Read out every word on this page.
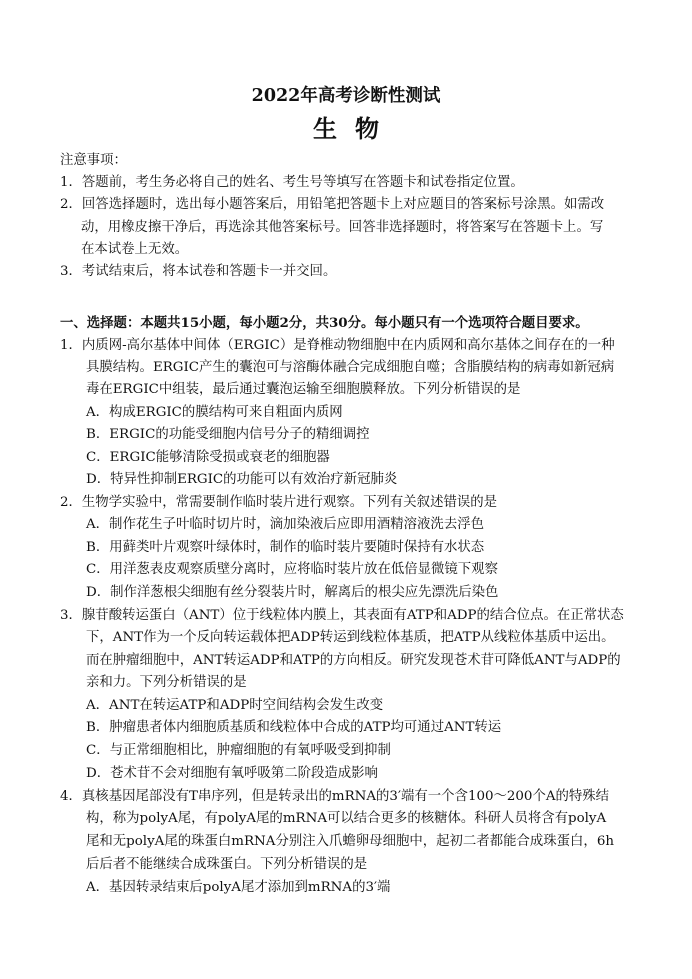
2022年高考诊断性测试
生物
注意事项：
1．答题前，考生务必将自己的姓名、考生号等填写在答题卡和试卷指定位置。
2．回答选择题时，选出每小题答案后，用铅笔把答题卡上对应题目的答案标号涂黑。如需改
动，用橡皮擦干净后，再选涂其他答案标号。回答非选择题时，将答案写在答题卡上。写
在本试卷上无效。
3．考试结束后，将本试卷和答题卡一并交回。
一、选择题：本题共15小题，每小题2分，共30分。每小题只有一个选项符合题目要求。
1．内质网-高尔基体中间体（ERGIC）是脊椎动物细胞中在内质网和高尔基体之间存在的一种
具膜结构。ERGIC产生的囊泡可与溶酶体融合完成细胞自噬；含脂膜结构的病毒如新冠病
毒在ERGIC中组装，最后通过囊泡运输至细胞膜释放。下列分析错误的是
A．构成ERGIC的膜结构可来自粗面内质网
B．ERGIC的功能受细胞内信号分子的精细调控
C．ERGIC能够清除受损或衰老的细胞器
D．特异性抑制ERGIC的功能可以有效治疗新冠肺炎
2．生物学实验中，常需要制作临时装片进行观察。下列有关叙述错误的是
A．制作花生子叶临时切片时，滴加染液后应即用酒精溶液洗去浮色
B．用藓类叶片观察叶绿体时，制作的临时装片要随时保持有水状态
C．用洋葱表皮观察质壁分离时，应将临时装片放在低倍显微镜下观察
D．制作洋葱根尖细胞有丝分裂装片时，解离后的根尖应先漂洗后染色
3．腺苷酸转运蛋白（ANT）位于线粒体内膜上，其表面有ATP和ADP的结合位点。在正常状态
下，ANT作为一个反向转运载体把ADP转运到线粒体基质，把ATP从线粒体基质中运出。
而在肿瘤细胞中，ANT转运ADP和ATP的方向相反。研究发现苍术苷可降低ANT与ADP的
亲和力。下列分析错误的是
A．ANT在转运ATP和ADP时空间结构会发生改变
B．肿瘤患者体内细胞质基质和线粒体中合成的ATP均可通过ANT转运
C．与正常细胞相比，肿瘤细胞的有氧呼吸受到抑制
D．苍术苷不会对细胞有氧呼吸第二阶段造成影响
4．真核基因尾部没有T串序列，但是转录出的mRNA的3′端有一个含100～200个A的特殊结
构，称为polyA尾，有polyA尾的mRNA可以结合更多的核糖体。科研人员将含有polyA
尾和无polyA尾的珠蛋白mRNA分别注入爪蟾卵母细胞中，起初二者都能合成珠蛋白，6h
后后者不能继续合成珠蛋白。下列分析错误的是
A．基因转录结束后polyA尾才添加到mRNA的3′端
